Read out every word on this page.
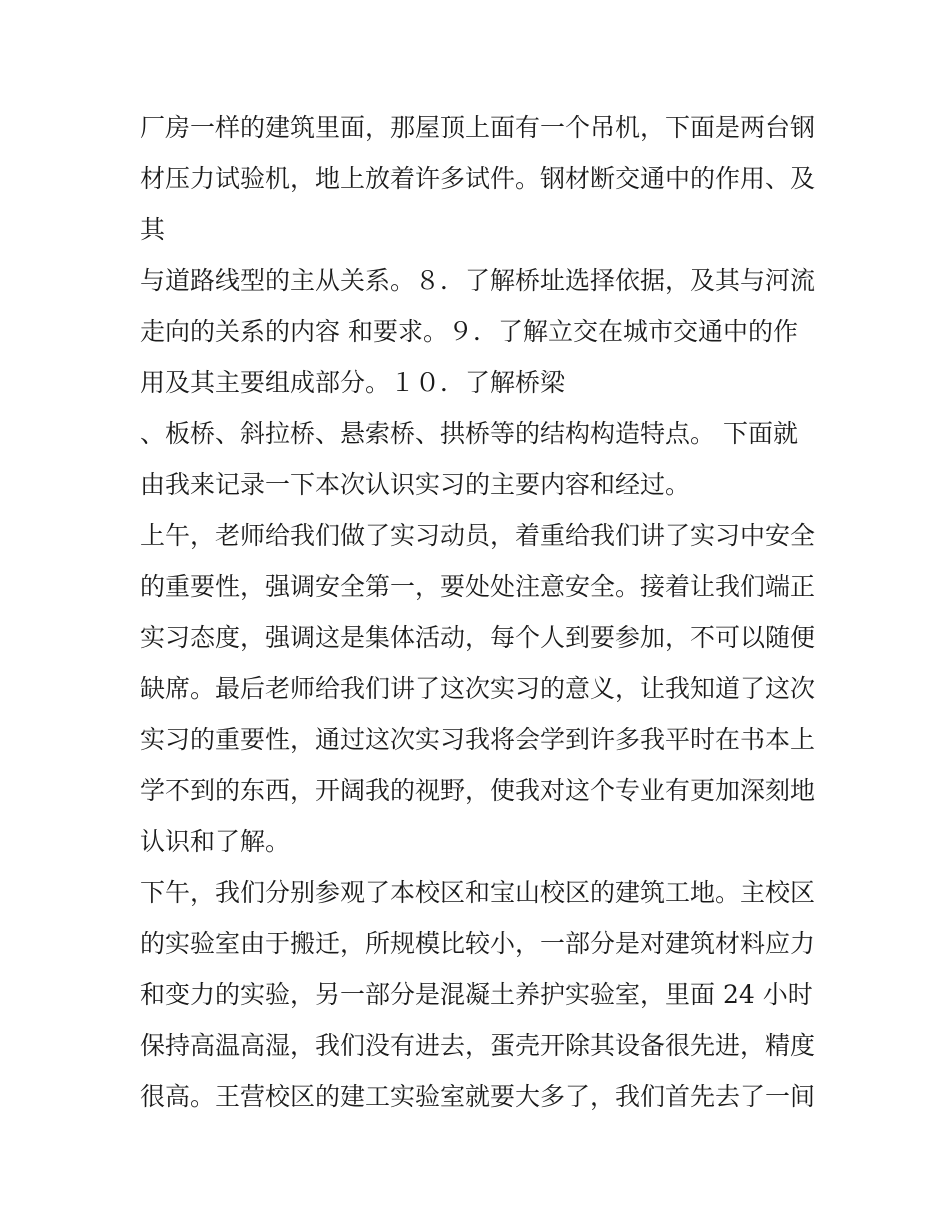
厂房一样的建筑里面，那屋顶上面有一个吊机，下面是两台钢
材压力试验机，地上放着许多试件。钢材断交通中的作用、及
其
与道路线型的主从关系。８．了解桥址选择依据，及其与河流
走向的关系的内容 和要求。９．了解立交在城市交通中的作
用及其主要组成部分。１０．了解桥梁
、板桥、斜拉桥、悬索桥、拱桥等的结构构造特点。 下面就
由我来记录一下本次认识实习的主要内容和经过。
上午，老师给我们做了实习动员，着重给我们讲了实习中安全
的重要性，强调安全第一，要处处注意安全。接着让我们端正
实习态度，强调这是集体活动，每个人到要参加，不可以随便
缺席。最后老师给我们讲了这次实习的意义，让我知道了这次
实习的重要性，通过这次实习我将会学到许多我平时在书本上
学不到的东西，开阔我的视野，使我对这个专业有更加深刻地
认识和了解。
下午，我们分别参观了本校区和宝山校区的建筑工地。主校区
的实验室由于搬迁，所规模比较小，一部分是对建筑材料应力
和变力的实验，另一部分是混凝土养护实验室，里面 24 小时
保持高温高湿，我们没有进去，蛋壳开除其设备很先进，精度
很高。王营校区的建工实验室就要大多了，我们首先去了一间
